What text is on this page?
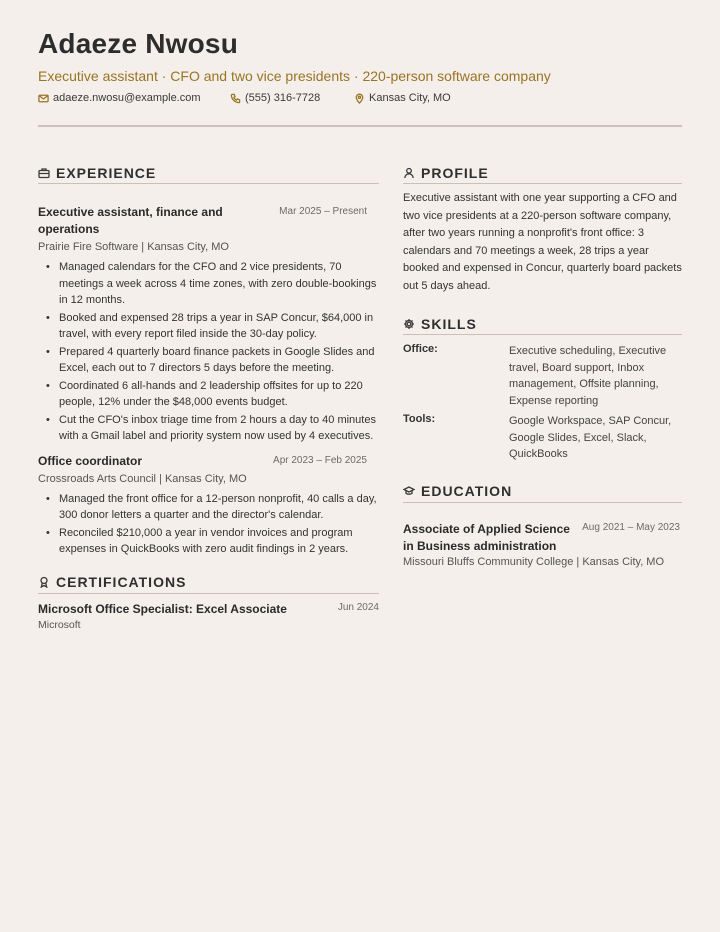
Adaeze Nwosu
Executive assistant · CFO and two vice presidents · 220-person software company
adaeze.nwosu@example.com	(555) 316-7728	Kansas City, MO
EXPERIENCE
Executive assistant, finance and operations
Mar 2025 – Present
Prairie Fire Software | Kansas City, MO
• Managed calendars for the CFO and 2 vice presidents, 70 meetings a week across 4 time zones, with zero double-bookings in 12 months.
• Booked and expensed 28 trips a year in SAP Concur, $64,000 in travel, with every report filed inside the 30-day policy.
• Prepared 4 quarterly board finance packets in Google Slides and Excel, each out to 7 directors 5 days before the meeting.
• Coordinated 6 all-hands and 2 leadership offsites for up to 220 people, 12% under the $48,000 events budget.
• Cut the CFO's inbox triage time from 2 hours a day to 40 minutes with a Gmail label and priority system now used by 4 executives.
Office coordinator	Apr 2023 – Feb 2025
Crossroads Arts Council | Kansas City, MO
• Managed the front office for a 12-person nonprofit, 40 calls a day, 300 donor letters a quarter and the director's calendar.
• Reconciled $210,000 a year in vendor invoices and program expenses in QuickBooks with zero audit findings in 2 years.
CERTIFICATIONS
Microsoft Office Specialist: Excel Associate	Jun 2024
Microsoft
PROFILE
Executive assistant with one year supporting a CFO and two vice presidents at a 220-person software company, after two years running a nonprofit's front office: 3 calendars and 70 meetings a week, 28 trips a year booked and expensed in Concur, quarterly board packets out 5 days ahead.
SKILLS
Office:	Executive scheduling, Executive travel, Board support, Inbox management, Offsite planning, Expense reporting
Tools:	Google Workspace, SAP Concur, Google Slides, Excel, Slack, QuickBooks
EDUCATION
Associate of Applied Science in Business administration
Aug 2021 – May 2023
Missouri Bluffs Community College | Kansas City, MO
